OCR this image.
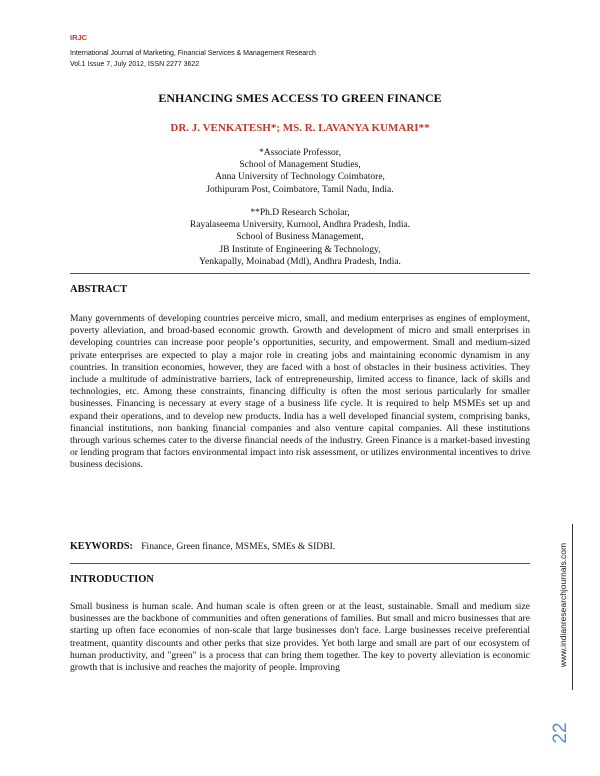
IRJC
International Journal of Marketing, Financial Services & Management Research
Vol.1 Issue 7, July 2012, ISSN 2277 3622
ENHANCING SMES ACCESS TO GREEN FINANCE
DR. J. VENKATESH*; MS. R. LAVANYA KUMARI**
*Associate Professor,
School of Management Studies,
Anna University of Technology Coimbatore,
Jothipuram Post, Coimbatore, Tamil Nadu, India.
**Ph.D Research Scholar,
Rayalaseema University, Kurnool, Andhra Pradesh, India.
School of Business Management,
JB Institute of Engineering & Technology,
Yenkapally, Moinabad (Mdl), Andhra Pradesh, India.
ABSTRACT

Many governments of developing countries perceive micro, small, and medium enterprises as engines of employment, poverty alleviation, and broad-based economic growth. Growth and development of micro and small enterprises in developing countries can increase poor people’s opportunities, security, and empowerment. Small and medium-sized private enterprises are expected to play a major role in creating jobs and maintaining economic dynamism in any countries. In transition economies, however, they are faced with a host of obstacles in their business activities. They include a multitude of administrative barriers, lack of entrepreneurship, limited access to finance, lack of skills and technologies, etc. Among these constraints, financing difficulty is often the most serious particularly for smaller businesses. Financing is necessary at every stage of a business life cycle. It is required to help MSMEs set up and expand their operations, and to develop new products. India has a well developed financial system, comprising banks, financial institutions, non banking financial companies and also venture capital companies. All these institutions through various schemes cater to the diverse financial needs of the industry. Green Finance is a market-based investing or lending program that factors environmental impact into risk assessment, or utilizes environmental incentives to drive business decisions.

KEYWORDS: Finance, Green finance, MSMEs, SMEs & SIDBI.
INTRODUCTION

Small business is human scale. And human scale is often green or at the least, sustainable. Small and medium size businesses are the backbone of communities and often generations of families. But small and micro businesses that are starting up often face economies of non-scale that large businesses don't face. Large businesses receive preferential treatment, quantity discounts and other perks that size provides. Yet both large and small are part of our ecosystem of human productivity, and "green" is a process that can bring them together. The key to poverty alleviation is economic growth that is inclusive and reaches the majority of people. Improving

www.indianresearchjournals.com
22
